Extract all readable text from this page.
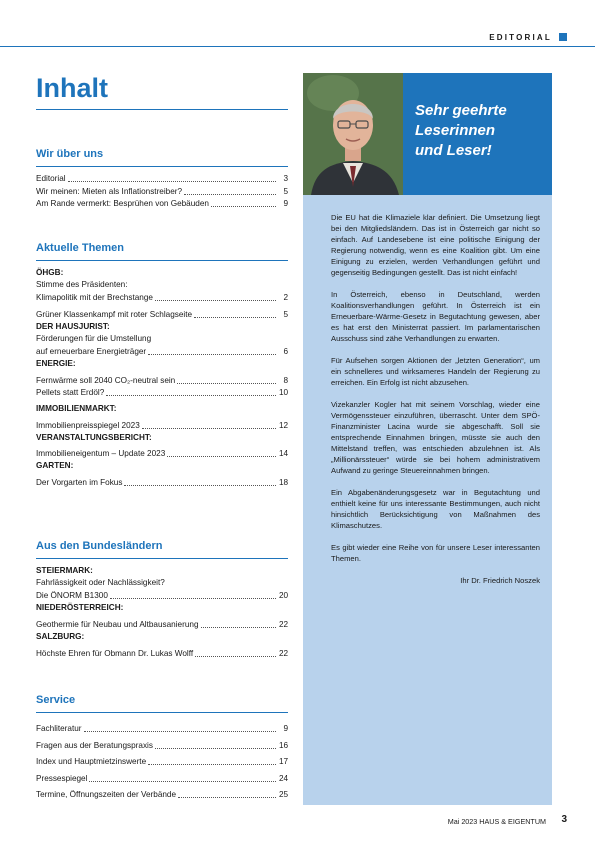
EDITORIAL
Inhalt
Wir über uns
Editorial	3
Wir meinen: Mieten als Inflationstreiber?	5
Am Rande vermerkt: Besprühen von Gebäuden	9
Aktuelle Themen
ÖHGB:
Stimme des Präsidenten:
Klimapolitik mit der Brechstange	2
Grüner Klassenkampf mit roter Schlagseite	5
DER HAUSJURIST:
Förderungen für die Umstellung
auf erneuerbare Energieträger	6
ENERGIE:
Fernwärme soll 2040 CO₂-neutral sein	8
Pellets statt Erdöl?	10
IMMOBILIENMARKT:
Immobilienpreisspiegel 2023	12
VERANSTALTUNGSBERICHT:
Immobilieneigentum – Update 2023	14
GARTEN:
Der Vorgarten im Fokus	18
Aus den Bundesländern
STEIERMARK:
Fahrlässigkeit oder Nachlässigkeit?
Die ÖNORM B1300	20
NIEDERÖSTERREICH:
Geothermie für Neubau und Altbausanierung	22
SALZBURG:
Höchste Ehren für Obmann Dr. Lukas Wolff	22
Service
Fachliteratur	9
Fragen aus der Beratungspraxis	16
Index und Hauptmietzinswerte	17
Pressespiegel	24
Termine, Öffnungszeiten der Verbände	25
Sehr geehrte
Leserinnen
und Leser!

Die EU hat die Klimaziele klar definiert. Die Umsetzung liegt bei den Mitgliedsländern. Das ist in Österreich gar nicht so einfach. Auf Landesebene ist eine politische Einigung der Regierung notwendig, wenn es eine Koalition gibt. Um eine Einigung zu erzielen, werden Verhandlungen geführt und gegenseitig Bedingungen gestellt. Das ist nicht einfach!

In Österreich, ebenso in Deutschland, werden Koalitionsverhandlungen geführt. In Österreich ist ein Erneuerbare-Wärme-Gesetz in Begutachtung gewesen, aber es hat erst den Ministerrat passiert. Im parlamentarischen Ausschuss sind zähe Verhandlungen zu erwarten.

Für Aufsehen sorgen Aktionen der „letzten Generation“, um ein schnelleres und wirksameres Handeln der Regierung zu erreichen. Ein Erfolg ist nicht abzusehen.

Vizekanzler Kogler hat mit seinem Vorschlag, wieder eine Vermögenssteuer einzuführen, überrascht. Unter dem SPÖ-Finanzminister Lacina wurde sie abgeschafft. Soll sie entsprechende Einnahmen bringen, müsste sie auch den Mittelstand treffen, was entschieden abzulehnen ist. Als „Millionärssteuer“ würde sie bei hohem administrativem Aufwand zu geringe Steuereinnahmen bringen.

Ein Abgabenänderungsgesetz war in Begutachtung und enthielt keine für uns interessante Bestimmungen, auch nicht hinsichtlich Berücksichtigung von Maßnahmen des Klimaschutzes.

Es gibt wieder eine Reihe von für unsere Leser interessanten Themen.

Ihr Dr. Friedrich Noszek

Mai 2023 HAUS & EIGENTUM 3
